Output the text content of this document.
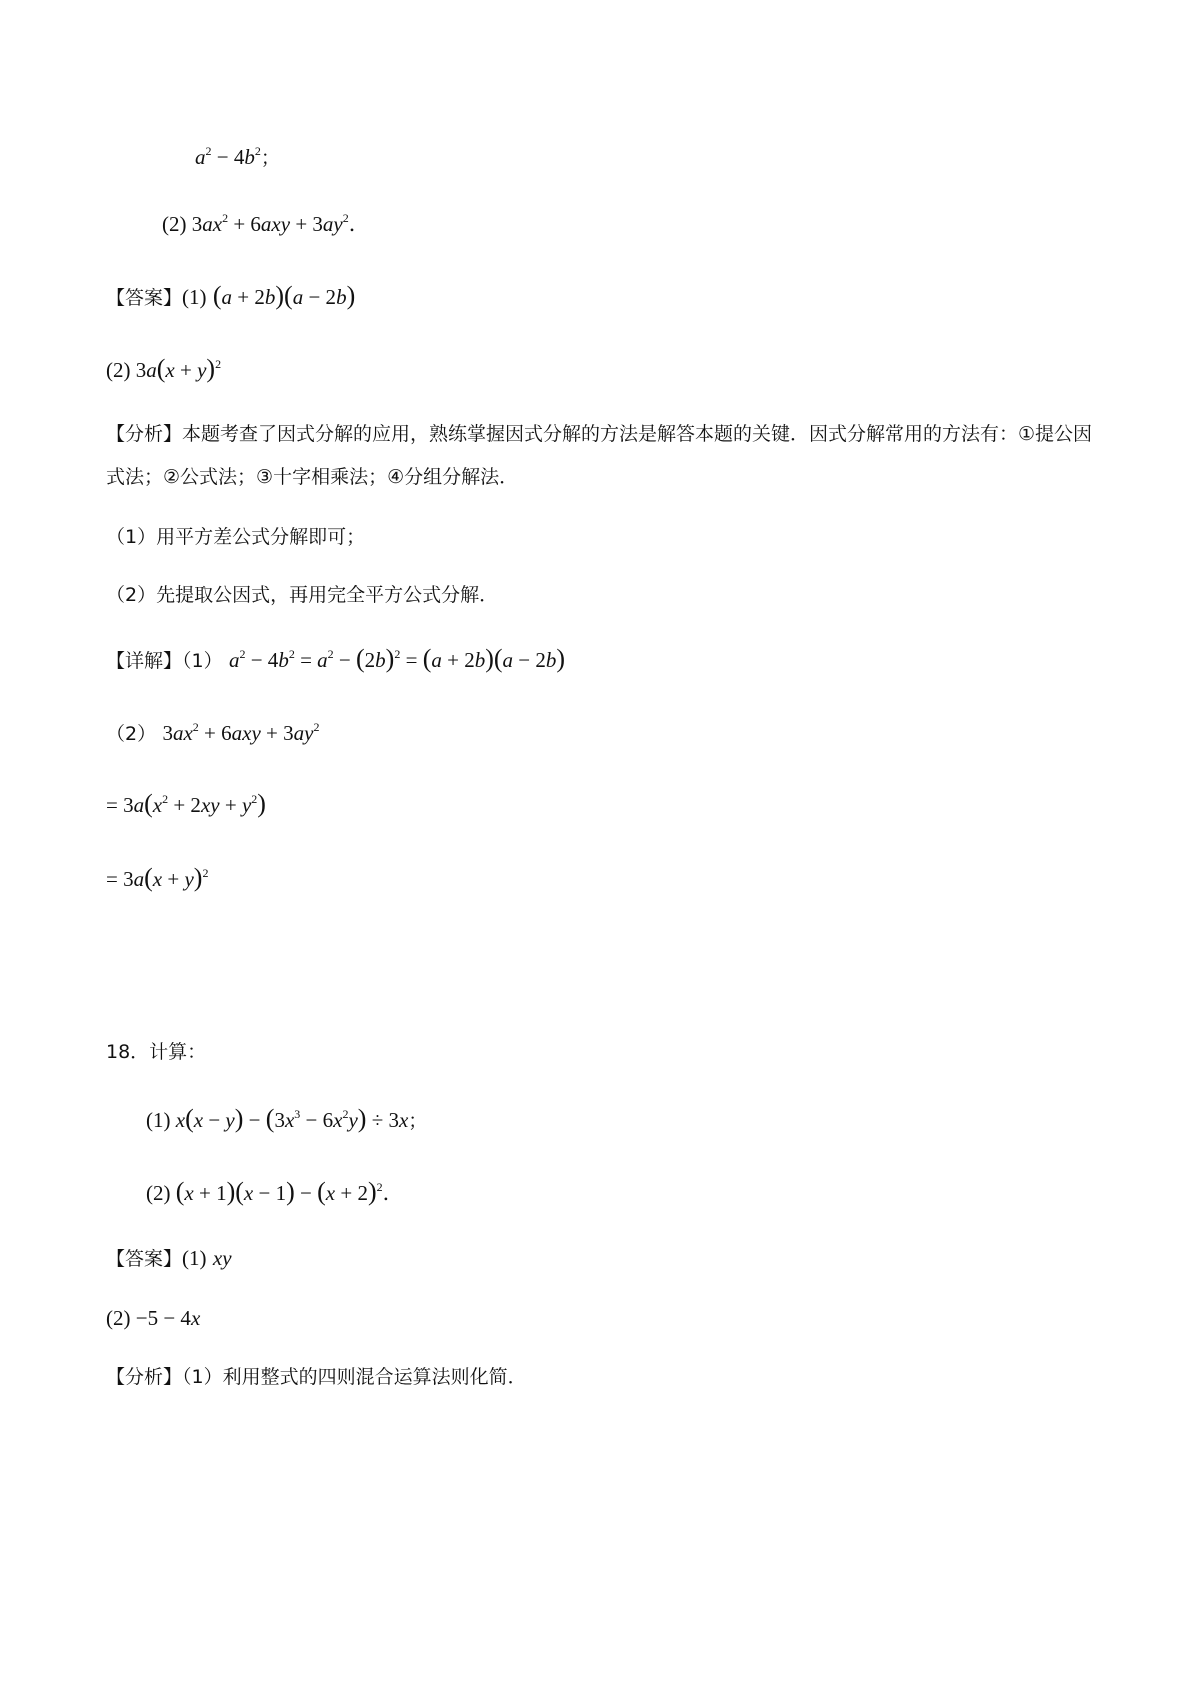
$a^2 - 4b^2$；
(2) $3ax^2 + 6axy + 3ay^2$．
【答案】(1) (a + 2b)(a − 2b)
(2) $3a(x + y)^2$
【分析】本题考查了因式分解的应用，熟练掌握因式分解的方法是解答本题的关键．因式分解常用的方法有：①提公因式法；②公式法；③十字相乘法；④分组分解法．
（1）用平方差公式分解即可；
（2）先提取公因式，再用完全平方公式分解．
【详解】（1） $a^2 - 4b^2 = a^2 - (2b)^2 = (a + 2b)(a - 2b)$
（2） $3ax^2 + 6axy + 3ay^2$
= $3a(x^2 + 2xy + y^2)$
= $3a(x + y)^2$
18．计算：
(1) $x(x - y) - (3x^3 - 6x^2y) \div 3x$；
(2) $(x + 1)(x - 1) - (x + 2)^2$．
【答案】(1) xy
(2) −5 − 4x
【分析】（1）利用整式的四则混合运算法则化简．
